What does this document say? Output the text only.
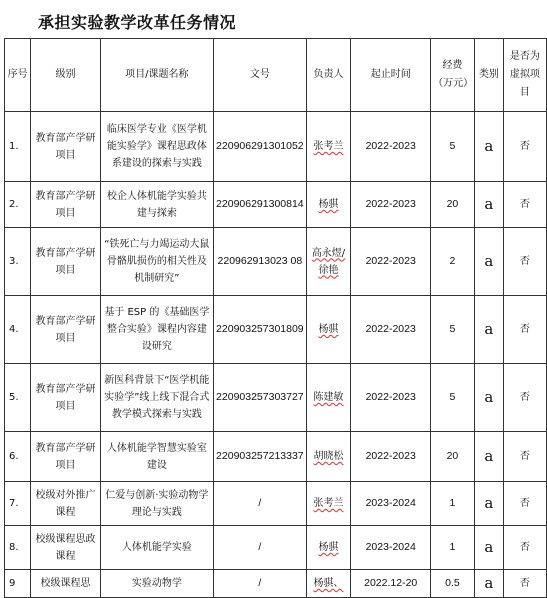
承担实验教学改革任务情况
序号	级别	项目/课题名称	文号	负责人	起止时间	经费（万元）	类别	是否为虚拟项目
1.	教育部产学研项目	临床医学专业《医学机能实验学》课程思政体系建设的探索与实践	220906291301052	张考兰	2022-2023	5	a	否
2.	教育部产学研项目	校企人体机能学实验共建与探索	220906291300814	杨骐	2022-2023	20	a	否
3.	教育部产学研项目	“铁死亡与力竭运动大鼠骨骼肌损伤的相关性及机制研究”	220962913023 08	高永煜/徐艳	2022-2023	2	a	否
4.	教育部产学研项目	基于 ESP 的《基础医学整合实验》课程内容建设研究	220903257301809	杨骐	2022-2023	5	a	否
5.	教育部产学研项目	新医科背景下“医学机能实验学”线上线下混合式教学模式探索与实践	220903257303727	陈建敏	2022-2023	5	a	否
6.	教育部产学研项目	人体机能学智慧实验室建设	220903257213337	胡晓松	2022-2023	20	a	否
7.	校级对外推广课程	仁爱与创新·实验动物学理论与实践	/	张考兰	2023-2024	1	a	否
8.	校级课程思政课程	人体机能学实验	/	杨骐	2023-2024	1	a	否
9	校级课程思	实验动物学	/	杨骐、	2022.12-20	0.5	a	否
